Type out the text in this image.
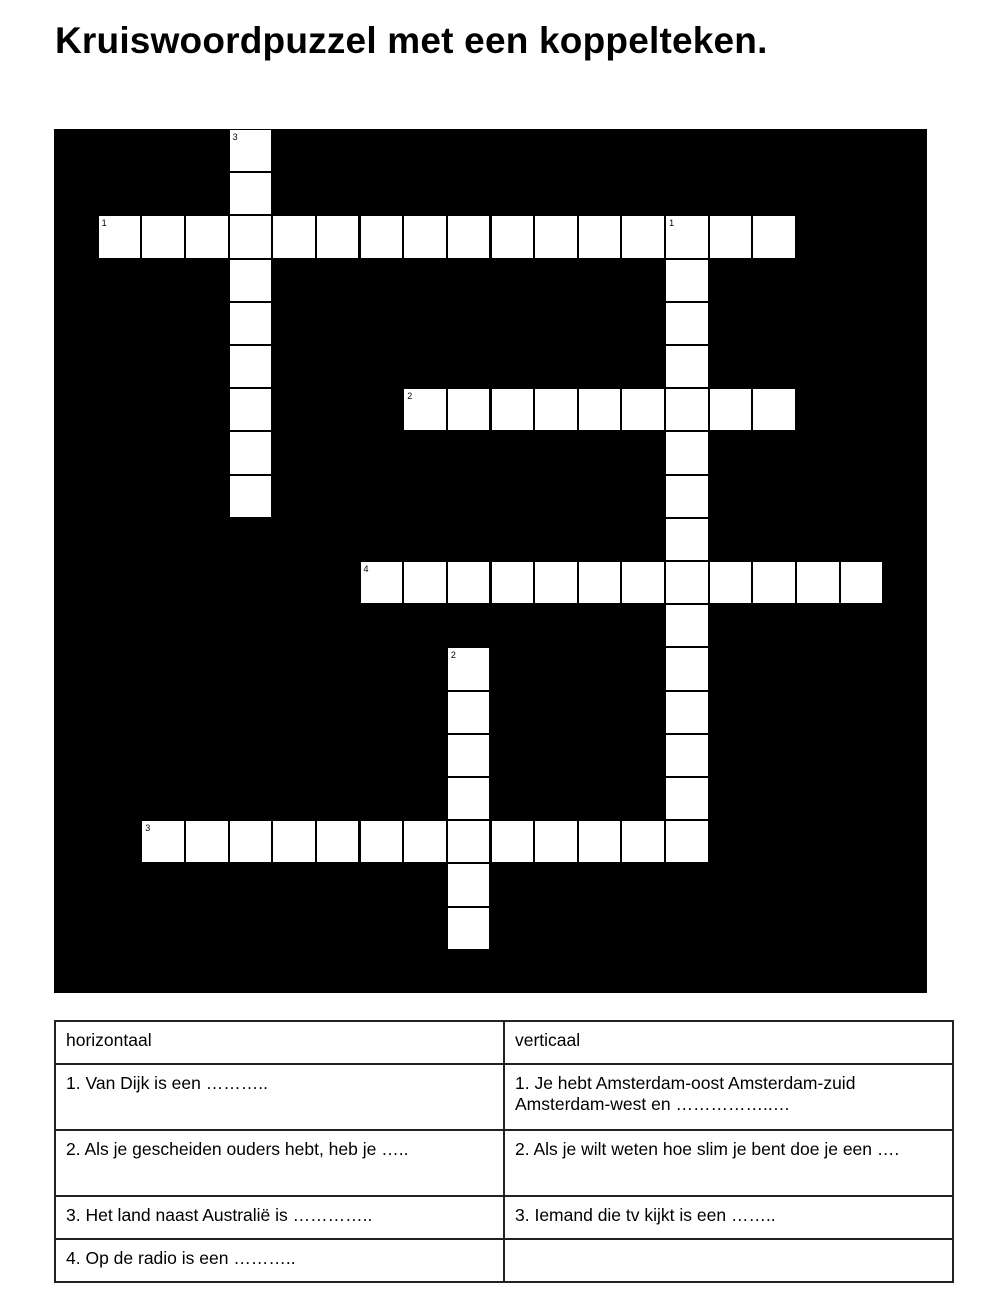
Kruiswoordpuzzel met een koppelteken.
1	1
2
4
3
3
2
horizontaal	verticaal
1. Van Dijk is een ………..	1. Je hebt Amsterdam-oost Amsterdam-zuid Amsterdam-west en ……………..…
2. Als je gescheiden ouders hebt, heb je …..	2. Als je wilt weten hoe slim je bent doe je een ….
3. Het land naast Australië is …………..	3. Iemand die tv kijkt is een ……..
4. Op de radio is een ………..	
